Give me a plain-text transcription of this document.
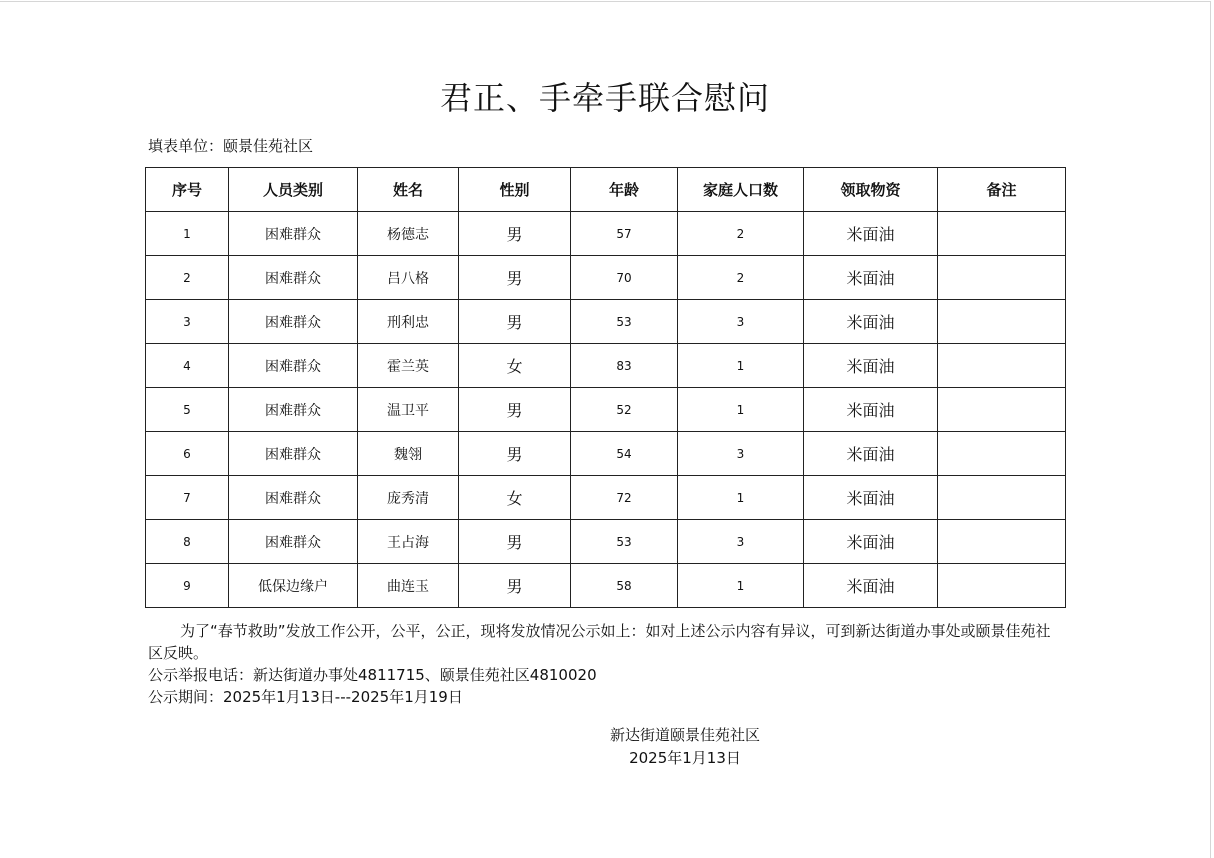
君正、手牵手联合慰问
填表单位：颐景佳苑社区
序号	人员类别	姓名	性别	年龄	家庭人口数	领取物资	备注
1	困难群众	杨德志	男	57	2	米面油	
2	困难群众	吕八格	男	70	2	米面油	
3	困难群众	刑利忠	男	53	3	米面油	
4	困难群众	霍兰英	女	83	1	米面油	
5	困难群众	温卫平	男	52	1	米面油	
6	困难群众	魏翎	男	54	3	米面油	
7	困难群众	庞秀清	女	72	1	米面油	
8	困难群众	王占海	男	53	3	米面油	
9	低保边缘户	曲连玉	男	58	1	米面油	

为了“春节救助”发放工作公开，公平，公正，现将发放情况公示如上：如对上述公示内容有异议，可到新达街道办事处或颐景佳苑社区反映。

公示举报电话：新达街道办事处4811715、颐景佳苑社区4810020

公示期间：2025年1月13日---2025年1月19日

新达街道颐景佳苑社区
2025年1月13日
